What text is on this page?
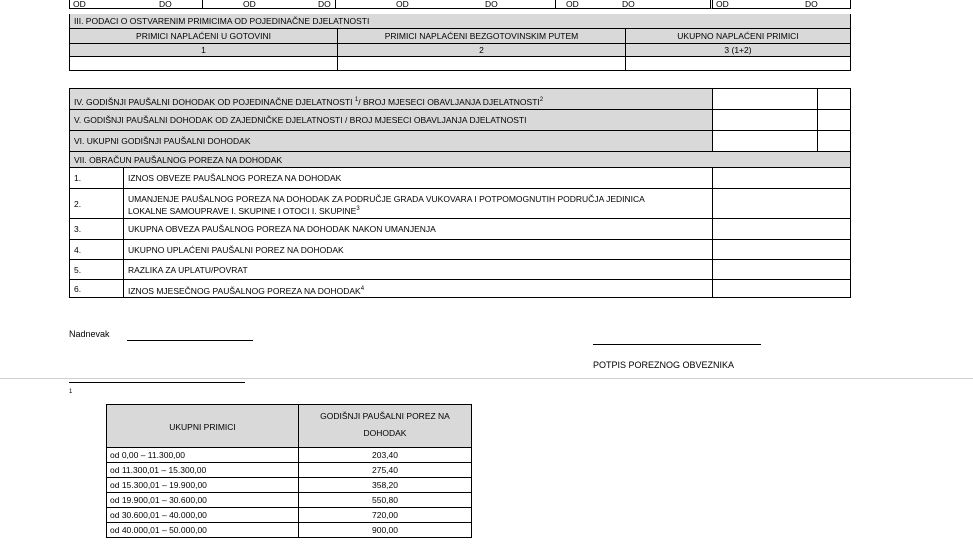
OD	DO	OD	DO	OD	DO	OD	DO	OD	DO
III. PODACI O OSTVARENIM PRIMICIMA OD POJEDINAČNE DJELATNOSTI
PRIMICI NAPLAĆENI U GOTOVINI	PRIMICI NAPLAĆENI BEZGOTOVINSKIM PUTEM	UKUPNO NAPLAĆENI PRIMICI
1	2	3 (1+2)
IV. GODIŠNJI PAUŠALNI DOHODAK OD POJEDINAČNE DJELATNOSTI $^1$/ BROJ MJESECI OBAVLJANJA DJELATNOSTI$^2$
V. GODIŠNJI PAUŠALNI DOHODAK OD ZAJEDNIČKE DJELATNOSTI / BROJ MJESECI OBAVLJANJA DJELATNOSTI
VI. UKUPNI GODIŠNJI PAUŠALNI DOHODAK
VII. OBRAČUN PAUŠALNOG POREZA NA DOHODAK
1.	IZNOS OBVEZE PAUŠALNOG POREZA NA DOHODAK
2.	UMANJENJE PAUŠALNOG POREZA NA DOHODAK ZA PODRUČJE GRADA VUKOVARA I POTPOMOGNUTIH PODRUČJA JEDINICA LOKALNE SAMOUPRAVE I. SKUPINE I OTOCI I. SKUPINE$^3$
3.	UKUPNA OBVEZA PAUŠALNOG POREZA NA DOHODAK NAKON UMANJENJA
4.	UKUPNO UPLAĆENI PAUŠALNI POREZ NA DOHODAK
5.	RAZLIKA ZA UPLATU/POVRAT
6.	IZNOS MJESEČNOG PAUŠALNOG POREZA NA DOHODAK$^4$
Nadnevak
POTPIS POREZNOG OBVEZNIKA
1
UKUPNI PRIMICI
GODIŠNJI PAUŠALNI POREZ NA DOHODAK
od 0,00 – 11.300,00	203,40
od 11.300,01 – 15.300,00	275,40
od 15.300,01 – 19.900,00	358,20
od 19.900,01 – 30.600,00	550,80
od 30.600,01 – 40.000,00	720,00
od 40.000,01 – 50.000,00	900,00
